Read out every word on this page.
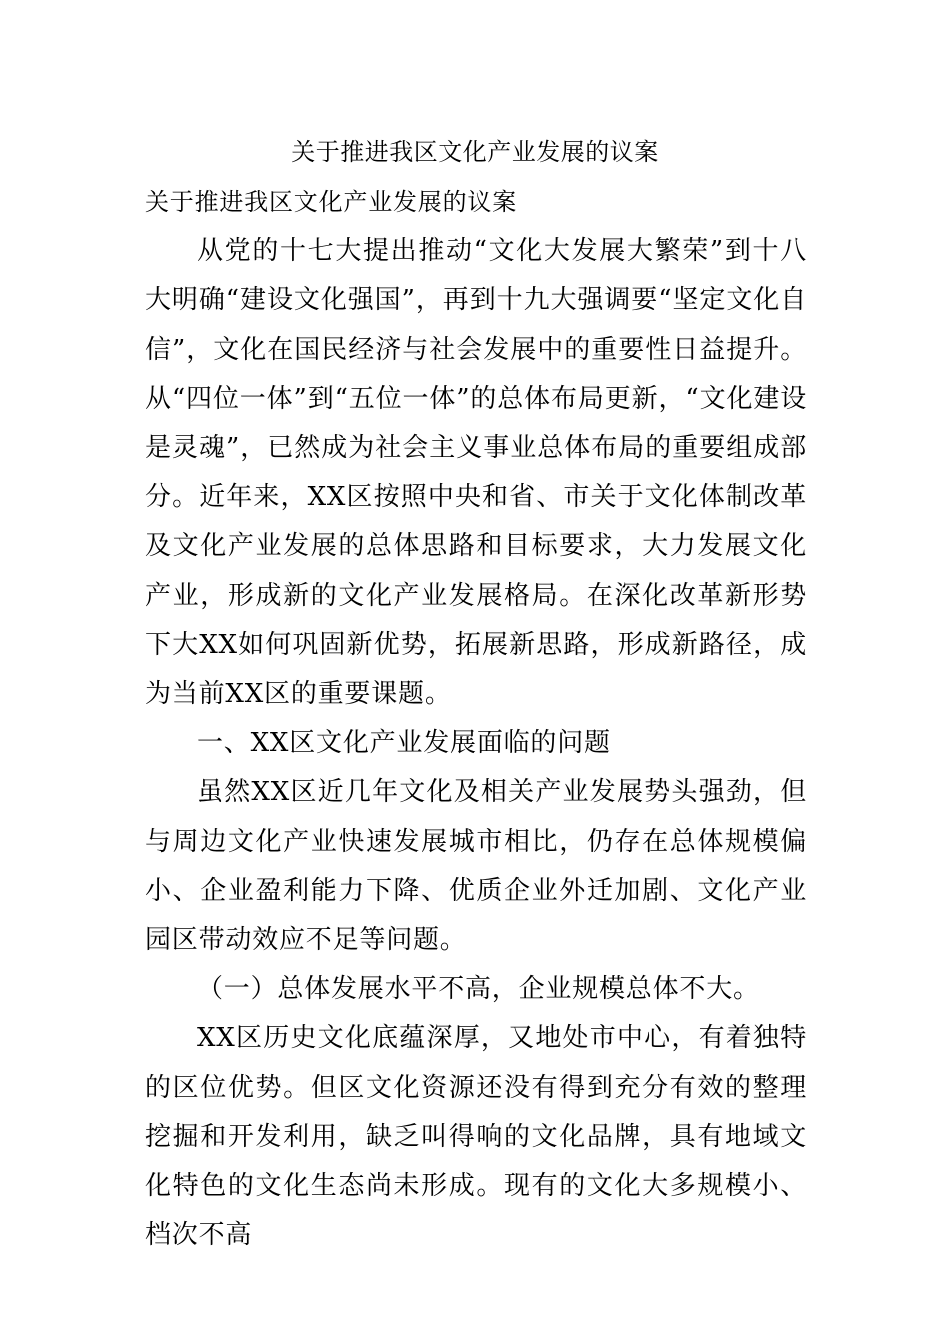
关于推进我区文化产业发展的议案
关于推进我区文化产业发展的议案

从党的十七大提出推动“文化大发展大繁荣”到十八大明确“建设文化强国”，再到十九大强调要“坚定文化自信”，文化在国民经济与社会发展中的重要性日益提升。从“四位一体”到“五位一体”的总体布局更新，“文化建设是灵魂”，已然成为社会主义事业总体布局的重要组成部分。近年来，XX区按照中央和省、市关于文化体制改革及文化产业发展的总体思路和目标要求，大力发展文化产业，形成新的文化产业发展格局。在深化改革新形势下大XX如何巩固新优势，拓展新思路，形成新路径，成为当前XX区的重要课题。

一、XX区文化产业发展面临的问题

虽然XX区近几年文化及相关产业发展势头强劲，但与周边文化产业快速发展城市相比，仍存在总体规模偏小、企业盈利能力下降、优质企业外迁加剧、文化产业园区带动效应不足等问题。

（一）总体发展水平不高，企业规模总体不大。

XX区历史文化底蕴深厚，又地处市中心，有着独特的区位优势。但区文化资源还没有得到充分有效的整理挖掘和开发利用，缺乏叫得响的文化品牌，具有地域文化特色的文化生态尚未形成。现有的文化大多规模小、档次不高
